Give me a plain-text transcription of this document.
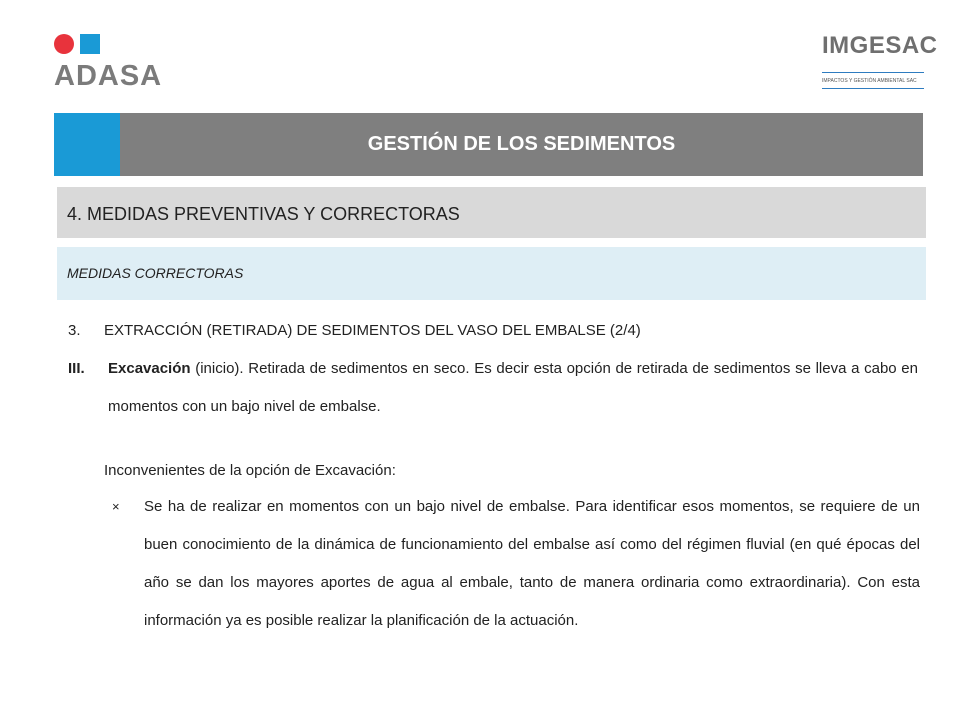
ADASA
IMGESAC
IMPACTOS Y GESTIÓN AMBIENTAL SAC
GESTIÓN DE LOS SEDIMENTOS
4. MEDIDAS PREVENTIVAS Y CORRECTORAS
MEDIDAS CORRECTORAS
3. EXTRACCIÓN (RETIRADA) DE SEDIMENTOS DEL VASO DEL EMBALSE (2/4)
III. Excavación (inicio). Retirada de sedimentos en seco. Es decir esta opción de retirada de sedimentos se lleva a cabo en momentos con un bajo nivel de embalse.
Inconvenientes de la opción de Excavación:
× Se ha de realizar en momentos con un bajo nivel de embalse. Para identificar esos momentos, se requiere de un buen conocimiento de la dinámica de funcionamiento del embalse así como del régimen fluvial (en qué épocas del año se dan los mayores aportes de agua al embale, tanto de manera ordinaria como extraordinaria). Con esta información ya es posible realizar la planificación de la actuación.
